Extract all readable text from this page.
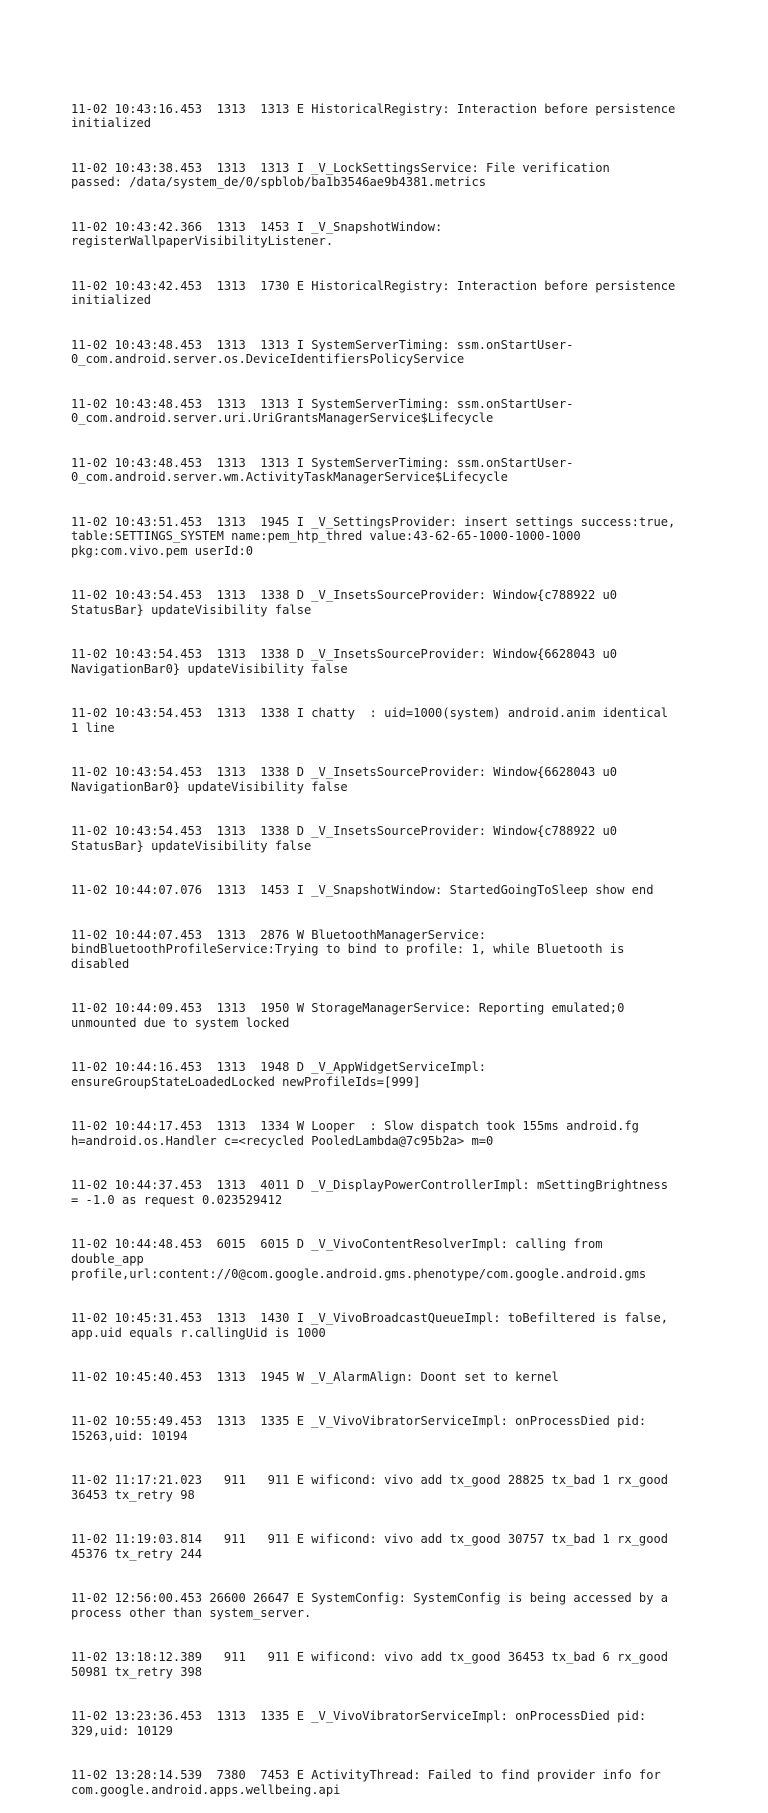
11-02 10:43:16.453  1313  1313 E HistoricalRegistry: Interaction before persistence
initialized

11-02 10:43:38.453  1313  1313 I _V_LockSettingsService: File verification
passed: /data/system_de/0/spblob/ba1b3546ae9b4381.metrics

11-02 10:43:42.366  1313  1453 I _V_SnapshotWindow:
registerWallpaperVisibilityListener.

11-02 10:43:42.453  1313  1730 E HistoricalRegistry: Interaction before persistence
initialized

11-02 10:43:48.453  1313  1313 I SystemServerTiming: ssm.onStartUser-
0_com.android.server.os.DeviceIdentifiersPolicyService

11-02 10:43:48.453  1313  1313 I SystemServerTiming: ssm.onStartUser-
0_com.android.server.uri.UriGrantsManagerService$Lifecycle

11-02 10:43:48.453  1313  1313 I SystemServerTiming: ssm.onStartUser-
0_com.android.server.wm.ActivityTaskManagerService$Lifecycle

11-02 10:43:51.453  1313  1945 I _V_SettingsProvider: insert settings success:true,
table:SETTINGS_SYSTEM name:pem_htp_thred value:43-62-65-1000-1000-1000
pkg:com.vivo.pem userId:0

11-02 10:43:54.453  1313  1338 D _V_InsetsSourceProvider: Window{c788922 u0
StatusBar} updateVisibility false

11-02 10:43:54.453  1313  1338 D _V_InsetsSourceProvider: Window{6628043 u0
NavigationBar0} updateVisibility false

11-02 10:43:54.453  1313  1338 I chatty  : uid=1000(system) android.anim identical
1 line

11-02 10:43:54.453  1313  1338 D _V_InsetsSourceProvider: Window{6628043 u0
NavigationBar0} updateVisibility false

11-02 10:43:54.453  1313  1338 D _V_InsetsSourceProvider: Window{c788922 u0
StatusBar} updateVisibility false

11-02 10:44:07.076  1313  1453 I _V_SnapshotWindow: StartedGoingToSleep show end

11-02 10:44:07.453  1313  2876 W BluetoothManagerService:
bindBluetoothProfileService:Trying to bind to profile: 1, while Bluetooth is
disabled

11-02 10:44:09.453  1313  1950 W StorageManagerService: Reporting emulated;0
unmounted due to system locked

11-02 10:44:16.453  1313  1948 D _V_AppWidgetServiceImpl:
ensureGroupStateLoadedLocked newProfileIds=[999]

11-02 10:44:17.453  1313  1334 W Looper  : Slow dispatch took 155ms android.fg
h=android.os.Handler c=<recycled PooledLambda@7c95b2a> m=0

11-02 10:44:37.453  1313  4011 D _V_DisplayPowerControllerImpl: mSettingBrightness
= -1.0 as request 0.023529412

11-02 10:44:48.453  6015  6015 D _V_VivoContentResolverImpl: calling from
double_app
profile,url:content://0@com.google.android.gms.phenotype/com.google.android.gms

11-02 10:45:31.453  1313  1430 I _V_VivoBroadcastQueueImpl: toBefiltered is false,
app.uid equals r.callingUid is 1000

11-02 10:45:40.453  1313  1945 W _V_AlarmAlign: Doont set to kernel

11-02 10:55:49.453  1313  1335 E _V_VivoVibratorServiceImpl: onProcessDied pid:
15263,uid: 10194

11-02 11:17:21.023   911   911 E wificond: vivo add tx_good 28825 tx_bad 1 rx_good
36453 tx_retry 98

11-02 11:19:03.814   911   911 E wificond: vivo add tx_good 30757 tx_bad 1 rx_good
45376 tx_retry 244

11-02 12:56:00.453 26600 26647 E SystemConfig: SystemConfig is being accessed by a
process other than system_server.

11-02 13:18:12.389   911   911 E wificond: vivo add tx_good 36453 tx_bad 6 rx_good
50981 tx_retry 398

11-02 13:23:36.453  1313  1335 E _V_VivoVibratorServiceImpl: onProcessDied pid:
329,uid: 10129

11-02 13:28:14.539  7380  7453 E ActivityThread: Failed to find provider info for
com.google.android.apps.wellbeing.api
